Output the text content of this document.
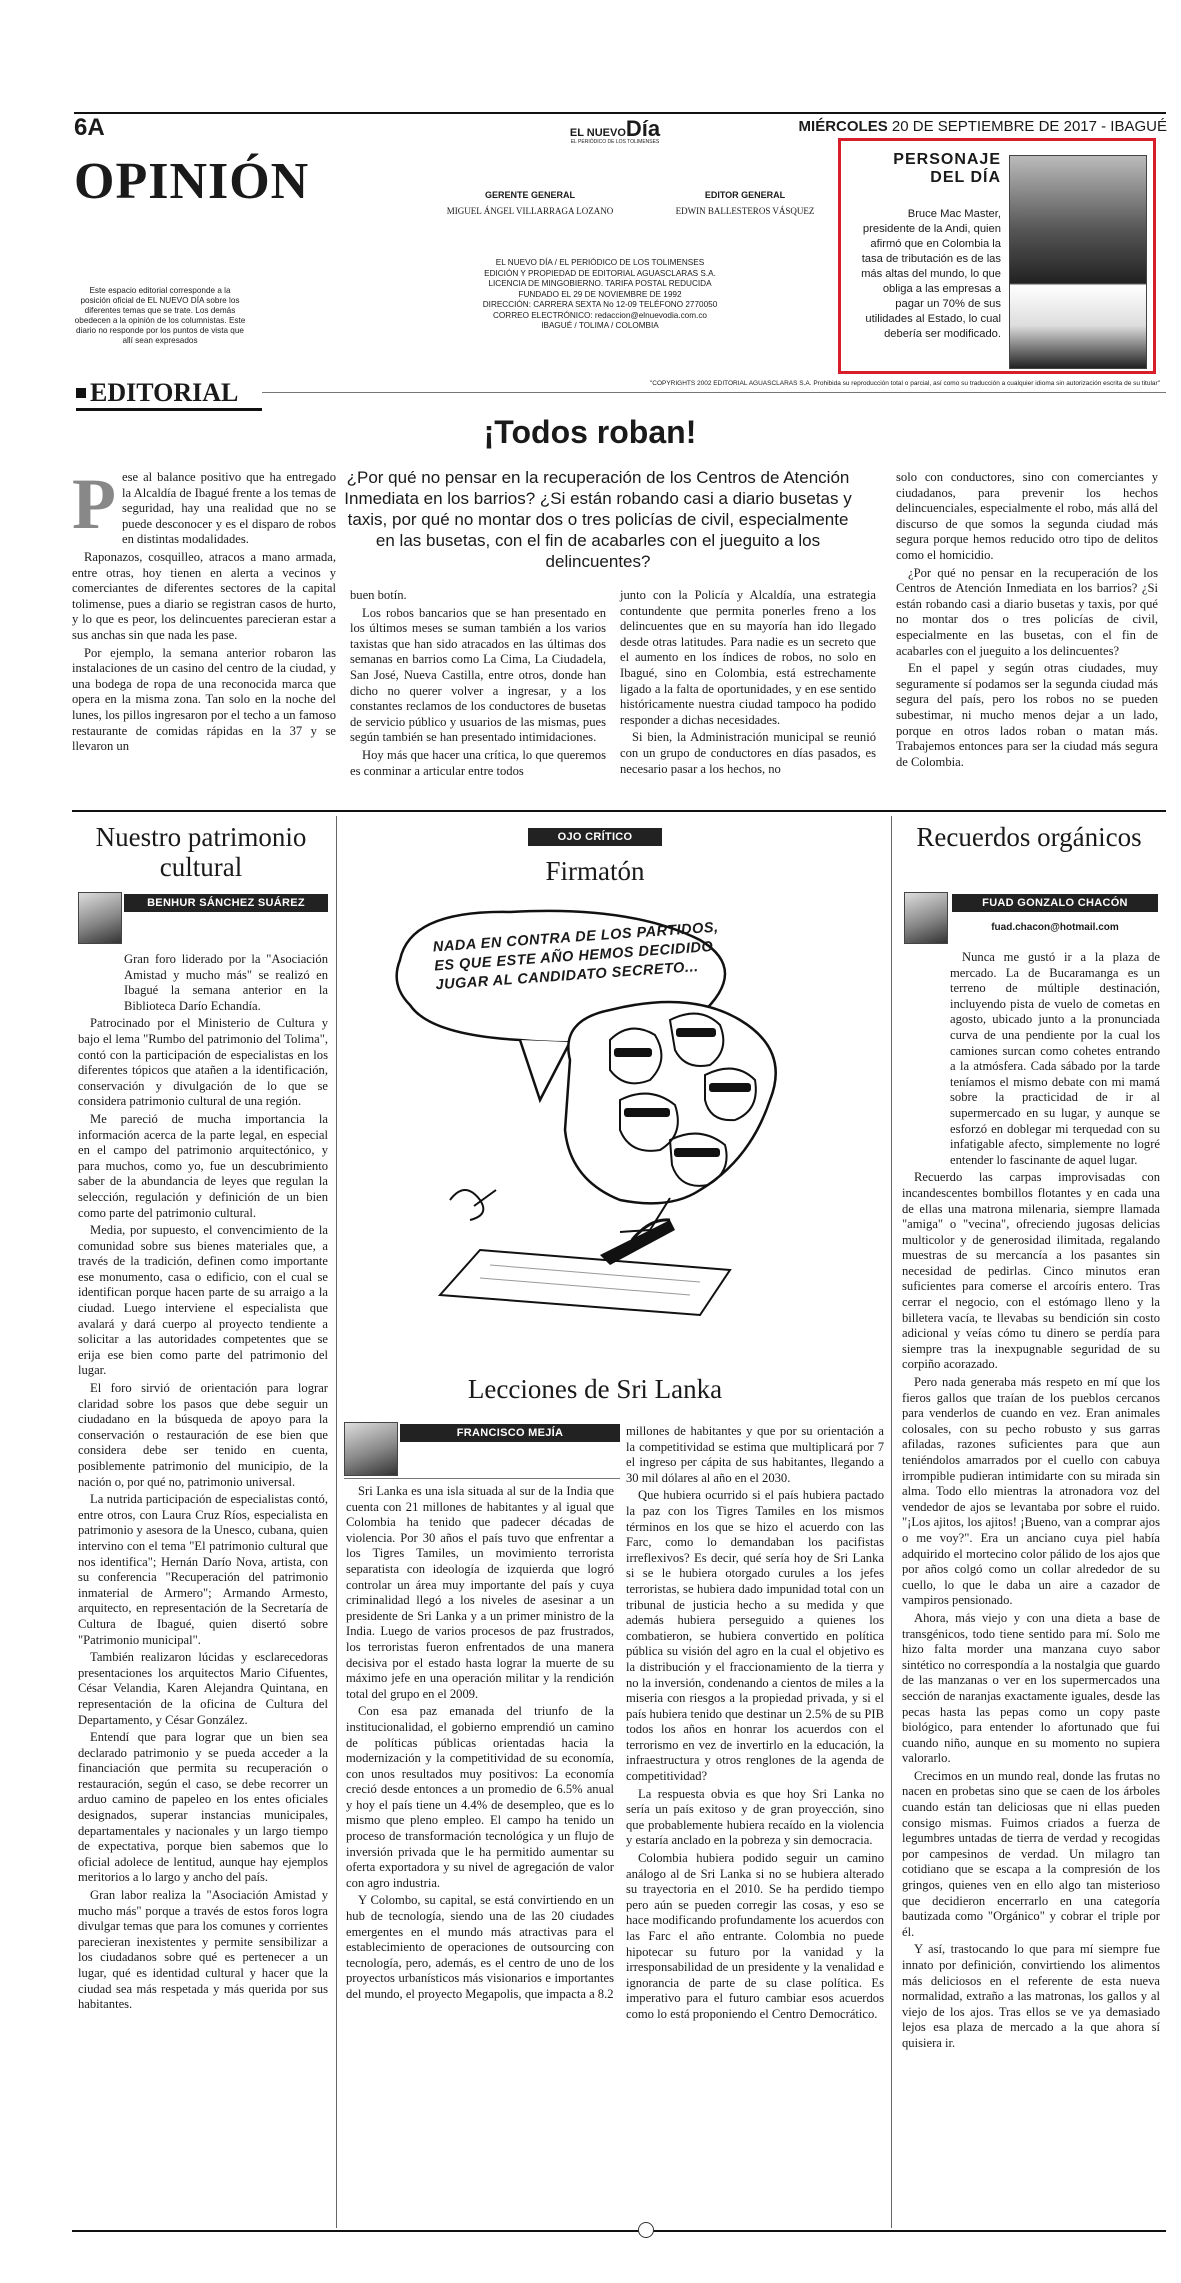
6A	EL NUEVODía
EL PERIÓDICO DE LOS TOLIMENSES
MIÉRCOLES 20 DE SEPTIEMBRE DE 2017 - IBAGUÉ
OPINIÓN
Este espacio editorial corresponde a la posición oficial de EL NUEVO DÍA sobre los diferentes temas que se trate. Los demás obedecen a la opinión de los columnistas. Este diario no responde por los puntos de vista que allí sean expresados
GERENTE GENERAL
MIGUEL ÁNGEL VILLARRAGA LOZANO
EDITOR GENERAL
EDWIN BALLESTEROS VÁSQUEZ
EL NUEVO DÍA / EL PERIÓDICO DE LOS TOLIMENSES
EDICIÓN Y PROPIEDAD DE EDITORIAL AGUASCLARAS S.A.
LICENCIA DE MINGOBIERNO. TARIFA POSTAL REDUCIDA
FUNDADO EL 29 DE NOVIEMBRE DE 1992
DIRECCIÓN: CARRERA SEXTA No 12-09 TELÉFONO 2770050
CORREO ELECTRÓNICO: redaccion@elnuevodia.com.co
IBAGUÉ / TOLIMA / COLOMBIA
PERSONAJE
DEL DÍA
Bruce Mac Master, presidente de la Andi, quien afirmó que en Colombia la tasa de tributación es de las más altas del mundo, lo que obliga a las empresas a pagar un 70% de sus utilidades al Estado, lo cual debería ser modificado.
"COPYRIGHTS 2002 EDITORIAL AGUASCLARAS S.A. Prohibida su reproducción total o parcial, así como su traducción a cualquier idioma sin autorización escrita de su titular"
EDITORIAL
¡Todos roban!
¿Por qué no pensar en la recuperación de los Centros de Atención Inmediata en los barrios? ¿Si están robando casi a diario busetas y taxis, por qué no montar dos o tres policías de civil, especialmente en las busetas, con el fin de acabarles con el jueguito a los delincuentes?
P ese al balance positivo que ha entregado la Alcaldía de Ibagué frente a los temas de seguridad, hay una realidad que no se puede desconocer y es el disparo de robos en distintas modalidades.

Raponazos, cosquilleo, atracos a mano armada, entre otras, hoy tienen en alerta a vecinos y comerciantes de diferentes sectores de la capital tolimense, pues a diario se registran casos de hurto, y lo que es peor, los delincuentes parecieran estar a sus anchas sin que nada les pase.

Por ejemplo, la semana anterior robaron las instalaciones de un casino del centro de la ciudad, y una bodega de ropa de una reconocida marca que opera en la misma zona. Tan solo en la noche del lunes, los pillos ingresaron por el techo a un famoso restaurante de comidas rápidas en la 37 y se llevaron un

buen botín.

Los robos bancarios que se han presentado en los últimos meses se suman también a los varios taxistas que han sido atracados en las últimas dos semanas en barrios como La Cima, La Ciudadela, San José, Nueva Castilla, entre otros, donde han dicho no querer volver a ingresar, y a los constantes reclamos de los conductores de busetas de servicio público y usuarios de las mismas, pues según también se han presentado intimidaciones.

Hoy más que hacer una crítica, lo que queremos es conminar a articular entre todos

junto con la Policía y Alcaldía, una estrategia contundente que permita ponerles freno a los delincuentes que en su mayoría han ido llegado desde otras latitudes. Para nadie es un secreto que el aumento en los índices de robos, no solo en Ibagué, sino en Colombia, está estrechamente ligado a la falta de oportunidades, y en ese sentido históricamente nuestra ciudad tampoco ha podido responder a dichas necesidades.

Si bien, la Administración municipal se reunió con un grupo de conductores en días pasados, es necesario pasar a los hechos, no

solo con conductores, sino con comerciantes y ciudadanos, para prevenir los hechos delincuenciales, especialmente el robo, más allá del discurso de que somos la segunda ciudad más segura porque hemos reducido otro tipo de delitos como el homicidio.

¿Por qué no pensar en la recuperación de los Centros de Atención Inmediata en los barrios? ¿Si están robando casi a diario busetas y taxis, por qué no montar dos o tres policías de civil, especialmente en las busetas, con el fin de acabarles con el jueguito a los delincuentes?

En el papel y según otras ciudades, muy seguramente sí podamos ser la segunda ciudad más segura del país, pero los robos no se pueden subestimar, ni mucho menos dejar a un lado, porque en otros lados roban o matan más. Trabajemos entonces para ser la ciudad más segura de Colombia.

Nuestro patrimonio cultural
BENHUR SÁNCHEZ SUÁREZ

Gran foro liderado por la "Asociación Amistad y mucho más" se realizó en Ibagué la semana anterior en la Biblioteca Darío Echandía.

Patrocinado por el Ministerio de Cultura y bajo el lema "Rumbo del patrimonio del Tolima", contó con la participación de especialistas en los diferentes tópicos que atañen a la identificación, conservación y divulgación de lo que se considera patrimonio cultural de una región.

Me pareció de mucha importancia la información acerca de la parte legal, en especial en el campo del patrimonio arquitectónico, y para muchos, como yo, fue un descubrimiento saber de la abundancia de leyes que regulan la selección, regulación y definición de un bien como parte del patrimonio cultural.

Media, por supuesto, el convencimiento de la comunidad sobre sus bienes materiales que, a través de la tradición, definen como importante ese monumento, casa o edificio, con el cual se identifican porque hacen parte de su arraigo a la ciudad. Luego interviene el especialista que avalará y dará cuerpo al proyecto tendiente a solicitar a las autoridades competentes que se erija ese bien como parte del patrimonio del lugar.

El foro sirvió de orientación para lograr claridad sobre los pasos que debe seguir un ciudadano en la búsqueda de apoyo para la conservación o restauración de ese bien que considera debe ser tenido en cuenta, posiblemente patrimonio del municipio, de la nación o, por qué no, patrimonio universal.

La nutrida participación de especialistas contó, entre otros, con Laura Cruz Ríos, especialista en patrimonio y asesora de la Unesco, cubana, quien intervino con el tema "El patrimonio cultural que nos identifica"; Hernán Darío Nova, artista, con su conferencia "Recuperación del patrimonio inmaterial de Armero"; Armando Armesto, arquitecto, en representación de la Secretaría de Cultura de Ibagué, quien disertó sobre "Patrimonio municipal".

También realizaron lúcidas y esclarecedoras presentaciones los arquitectos Mario Cifuentes, César Velandia, Karen Alejandra Quintana, en representación de la oficina de Cultura del Departamento, y César González.

Entendí que para lograr que un bien sea declarado patrimonio y se pueda acceder a la financiación que permita su recuperación o restauración, según el caso, se debe recorrer un arduo camino de papeleo en los entes oficiales designados, superar instancias municipales, departamentales y nacionales y un largo tiempo de expectativa, porque bien sabemos que lo oficial adolece de lentitud, aunque hay ejemplos meritorios a lo largo y ancho del país.

Gran labor realiza la "Asociación Amistad y mucho más" porque a través de estos foros logra divulgar temas que para los comunes y corrientes parecieran inexistentes y permite sensibilizar a los ciudadanos sobre qué es pertenecer a un lugar, qué es identidad cultural y hacer que la ciudad sea más respetada y más querida por sus habitantes.

OJO CRÍTICO
Firmatón
NADA EN CONTRA DE LOS PARTIDOS, ES QUE ESTE AÑO HEMOS DECIDIDO JUGAR AL CANDIDATO SECRETO...
Lecciones de Sri Lanka
FRANCISCO MEJÍA

Sri Lanka es una isla situada al sur de la India que cuenta con 21 millones de habitantes y al igual que Colombia ha tenido que padecer décadas de violencia. Por 30 años el país tuvo que enfrentar a los Tigres Tamiles, un movimiento terrorista separatista con ideología de izquierda que logró controlar un área muy importante del país y cuya criminalidad llegó a los niveles de asesinar a un presidente de Sri Lanka y a un primer ministro de la India. Luego de varios procesos de paz frustrados, los terroristas fueron enfrentados de una manera decisiva por el estado hasta lograr la muerte de su máximo jefe en una operación militar y la rendición total del grupo en el 2009.

Con esa paz emanada del triunfo de la institucionalidad, el gobierno emprendió un camino de políticas públicas orientadas hacia la modernización y la competitividad de su economía, con unos resultados muy positivos: La economía creció desde entonces a un promedio de 6.5% anual y hoy el país tiene un 4.4% de desempleo, que es lo mismo que pleno empleo. El campo ha tenido un proceso de transformación tecnológica y un flujo de inversión privada que le ha permitido aumentar su oferta exportadora y su nivel de agregación de valor con agro industria.

Y Colombo, su capital, se está convirtiendo en un hub de tecnología, siendo una de las 20 ciudades emergentes en el mundo más atractivas para el establecimiento de operaciones de outsourcing con tecnología, pero, además, es el centro de uno de los proyectos urbanísticos más visionarios e importantes del mundo, el proyecto Megapolis, que impacta a 8.2

millones de habitantes y que por su orientación a la competitividad se estima que multiplicará por 7 el ingreso per cápita de sus habitantes, llegando a 30 mil dólares al año en el 2030.

Que hubiera ocurrido si el país hubiera pactado la paz con los Tigres Tamiles en los mismos términos en los que se hizo el acuerdo con las Farc, como lo demandaban los pacifistas irreflexivos? Es decir, qué sería hoy de Sri Lanka si se le hubiera otorgado curules a los jefes terroristas, se hubiera dado impunidad total con un tribunal de justicia hecho a su medida y que además hubiera perseguido a quienes los combatieron, se hubiera convertido en política pública su visión del agro en la cual el objetivo es la distribución y el fraccionamiento de la tierra y no la inversión, condenando a cientos de miles a la miseria con riesgos a la propiedad privada, y si el país hubiera tenido que destinar un 2.5% de su PIB todos los años en honrar los acuerdos con el terrorismo en vez de invertirlo en la educación, la infraestructura y otros renglones de la agenda de competitividad?

La respuesta obvia es que hoy Sri Lanka no sería un país exitoso y de gran proyección, sino que probablemente hubiera recaído en la violencia y estaría anclado en la pobreza y sin democracia.

Colombia hubiera podido seguir un camino análogo al de Sri Lanka si no se hubiera alterado su trayectoria en el 2010. Se ha perdido tiempo pero aún se pueden corregir las cosas, y eso se hace modificando profundamente los acuerdos con las Farc el año entrante. Colombia no puede hipotecar su futuro por la vanidad y la irresponsabilidad de un presidente y la venalidad e ignorancia de parte de su clase política. Es imperativo para el futuro cambiar esos acuerdos como lo está proponiendo el Centro Democrático.

Recuerdos orgánicos
FUAD GONZALO CHACÓN
fuad.chacon@hotmail.com

Nunca me gustó ir a la plaza de mercado. La de Bucaramanga es un terreno de múltiple destinación, incluyendo pista de vuelo de cometas en agosto, ubicado junto a la pronunciada curva de una pendiente por la cual los camiones surcan como cohetes entrando a la atmósfera. Cada sábado por la tarde teníamos el mismo debate con mi mamá sobre la practicidad de ir al supermercado en su lugar, y aunque se esforzó en doblegar mi terquedad con su infatigable afecto, simplemente no logré entender lo fascinante de aquel lugar.

Recuerdo las carpas improvisadas con incandescentes bombillos flotantes y en cada una de ellas una matrona milenaria, siempre llamada "amiga" o "vecina", ofreciendo jugosas delicias multicolor y de generosidad ilimitada, regalando muestras de su mercancía a los pasantes sin necesidad de pedirlas. Cinco minutos eran suficientes para comerse el arcoíris entero. Tras cerrar el negocio, con el estómago lleno y la billetera vacía, te llevabas su bendición sin costo adicional y veías cómo tu dinero se perdía para siempre tras la inexpugnable seguridad de su corpiño acorazado.

Pero nada generaba más respeto en mí que los fieros gallos que traían de los pueblos cercanos para venderlos de cuando en vez. Eran animales colosales, con su pecho robusto y sus garras afiladas, razones suficientes para que aun teniéndolos amarrados por el cuello con cabuya irrompible pudieran intimidarte con su mirada sin alma. Todo ello mientras la atronadora voz del vendedor de ajos se levantaba por sobre el ruido. "¡Los ajitos, los ajitos! ¡Bueno, van a comprar ajos o me voy?". Era un anciano cuya piel había adquirido el mortecino color pálido de los ajos que por años colgó como un collar alrededor de su cuello, lo que le daba un aire a cazador de vampiros pensionado.

Ahora, más viejo y con una dieta a base de transgénicos, todo tiene sentido para mí. Solo me hizo falta morder una manzana cuyo sabor sintético no correspondía a la nostalgia que guardo de las manzanas o ver en los supermercados una sección de naranjas exactamente iguales, desde las pecas hasta las pepas como un copy paste biológico, para entender lo afortunado que fui cuando niño, aunque en su momento no supiera valorarlo.

Crecimos en un mundo real, donde las frutas no nacen en probetas sino que se caen de los árboles cuando están tan deliciosas que ni ellas pueden consigo mismas. Fuimos criados a fuerza de legumbres untadas de tierra de verdad y recogidas por campesinos de verdad. Un milagro tan cotidiano que se escapa a la compresión de los gringos, quienes ven en ello algo tan misterioso que decidieron encerrarlo en una categoría bautizada como "Orgánico" y cobrar el triple por él.

Y así, trastocando lo que para mí siempre fue innato por definición, convirtiendo los alimentos más deliciosos en el referente de esta nueva normalidad, extraño a las matronas, los gallos y al viejo de los ajos. Tras ellos se ve ya demasiado lejos esa plaza de mercado a la que ahora sí quisiera ir.
